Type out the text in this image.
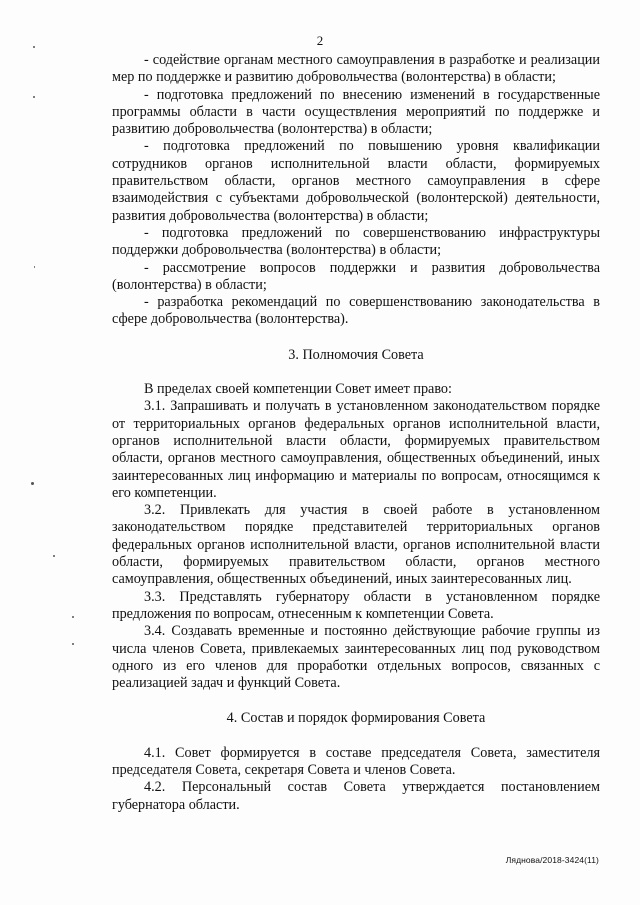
2

- содействие органам местного самоуправления в разработке и реализации мер по поддержке и развитию добровольчества (волонтерства) в области;

- подготовка предложений по внесению изменений в государственные программы области в части осуществления мероприятий по поддержке и развитию добровольчества (волонтерства) в области;

- подготовка предложений по повышению уровня квалификации сотрудников органов исполнительной власти области, формируемых правительством области, органов местного самоуправления в сфере взаимодействия с субъектами добровольческой (волонтерской) деятельности, развития добровольчества (волонтерства) в области;

- подготовка предложений по совершенствованию инфраструктуры поддержки добровольчества (волонтерства) в области;

- рассмотрение вопросов поддержки и развития добровольчества (волонтерства) в области;

- разработка рекомендаций по совершенствованию законодательства в сфере добровольчества (волонтерства).

3. Полномочия Совета

В пределах своей компетенции Совет имеет право:

3.1. Запрашивать и получать в установленном законодательством порядке от территориальных органов федеральных органов исполнительной власти, органов исполнительной власти области, формируемых правительством области, органов местного самоуправления, общественных объединений, иных заинтересованных лиц информацию и материалы по вопросам, относящимся к его компетенции.

3.2. Привлекать для участия в своей работе в установленном законодательством порядке представителей территориальных органов федеральных органов исполнительной власти, органов исполнительной власти области, формируемых правительством области, органов местного самоуправления, общественных объединений, иных заинтересованных лиц.

3.3. Представлять губернатору области в установленном порядке предложения по вопросам, отнесенным к компетенции Совета.

3.4. Создавать временные и постоянно действующие рабочие группы из числа членов Совета, привлекаемых заинтересованных лиц под руководством одного из его членов для проработки отдельных вопросов, связанных с реализацией задач и функций Совета.

4. Состав и порядок формирования Совета

4.1. Совет формируется в составе председателя Совета, заместителя председателя Совета, секретаря Совета и членов Совета.

4.2. Персональный состав Совета утверждается постановлением губернатора области.

Ляднова/2018-3424(11)
